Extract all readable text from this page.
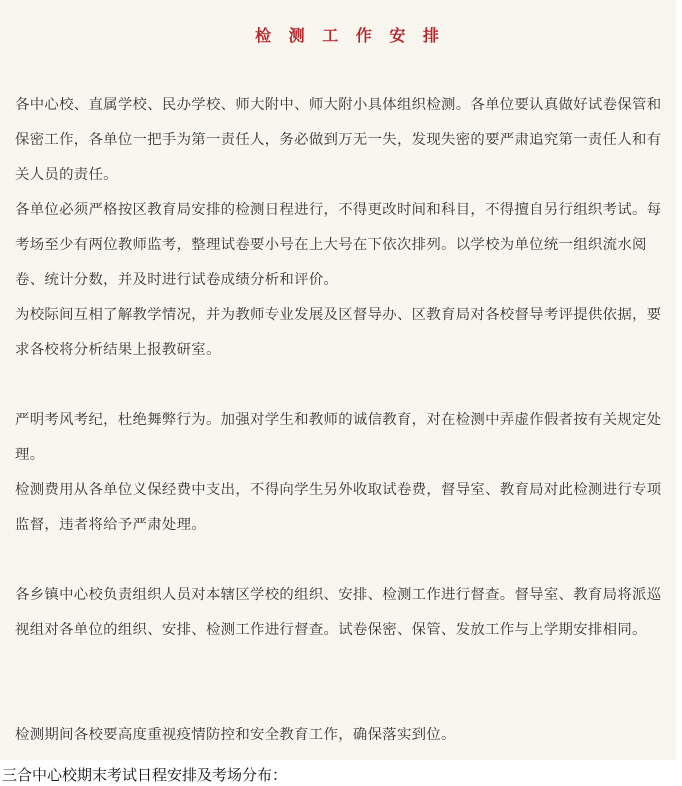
检 测 工 作 安 排

各中心校、直属学校、民办学校、师大附中、师大附小具体组织检测。各单位要认真做好试卷保管和保密工作，各单位一把手为第一责任人，务必做到万无一失，发现失密的要严肃追究第一责任人和有关人员的责任。

各单位必须严格按区教育局安排的检测日程进行，不得更改时间和科目，不得擅自另行组织考试。每考场至少有两位教师监考，整理试卷要小号在上大号在下依次排列。以学校为单位统一组织流水阅卷、统计分数，并及时进行试卷成绩分析和评价。

为校际间互相了解教学情况，并为教师专业发展及区督导办、区教育局对各校督导考评提供依据，要求各校将分析结果上报教研室。

严明考风考纪，杜绝舞弊行为。加强对学生和教师的诚信教育，对在检测中弄虚作假者按有关规定处理。

检测费用从各单位义保经费中支出，不得向学生另外收取试卷费，督导室、教育局对此检测进行专项监督，违者将给予严肃处理。

各乡镇中心校负责组织人员对本辖区学校的组织、安排、检测工作进行督查。督导室、教育局将派巡视组对各单位的组织、安排、检测工作进行督查。试卷保密、保管、发放工作与上学期安排相同。

检测期间各校要高度重视疫情防控和安全教育工作，确保落实到位。

三合中心校期末考试日程安排及考场分布：
